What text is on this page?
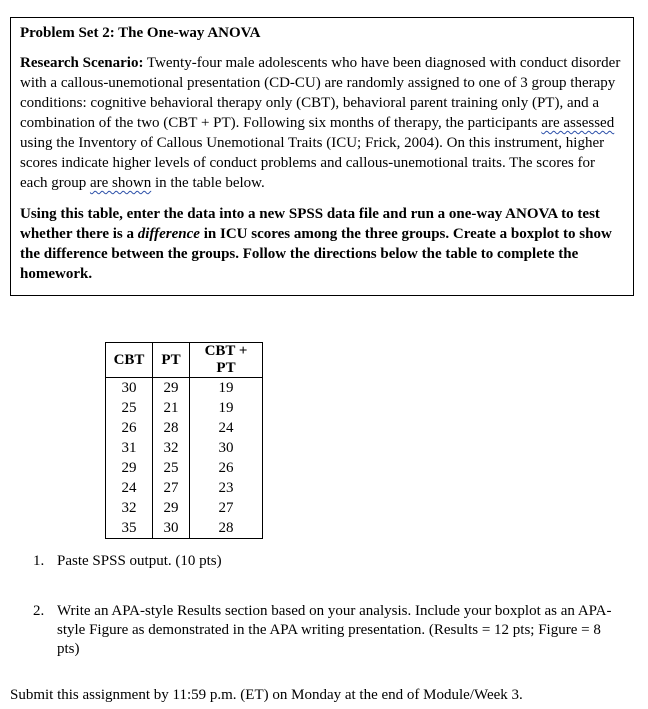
Problem Set 2: The One-way ANOVA
Research Scenario: Twenty-four male adolescents who have been diagnosed with conduct disorder with a callous-unemotional presentation (CD-CU) are randomly assigned to one of 3 group therapy conditions: cognitive behavioral therapy only (CBT), behavioral parent training only (PT), and a combination of the two (CBT + PT). Following six months of therapy, the participants are assessed using the Inventory of Callous Unemotional Traits (ICU; Frick, 2004). On this instrument, higher scores indicate higher levels of conduct problems and callous-unemotional traits. The scores for each group are shown in the table below.
Using this table, enter the data into a new SPSS data file and run a one-way ANOVA to test whether there is a difference in ICU scores among the three groups. Create a boxplot to show the difference between the groups. Follow the directions below the table to complete the homework.
CBT	PT	CBT + PT
30	29	19
25	21	19
26	28	24
31	32	30
29	25	26
24	27	23
32	29	27
35	30	28
1. Paste SPSS output. (10 pts)
2. Write an APA-style Results section based on your analysis. Include your boxplot as an APA-style Figure as demonstrated in the APA writing presentation. (Results = 12 pts; Figure = 8 pts)
Submit this assignment by 11:59 p.m. (ET) on Monday at the end of Module/Week 3.
